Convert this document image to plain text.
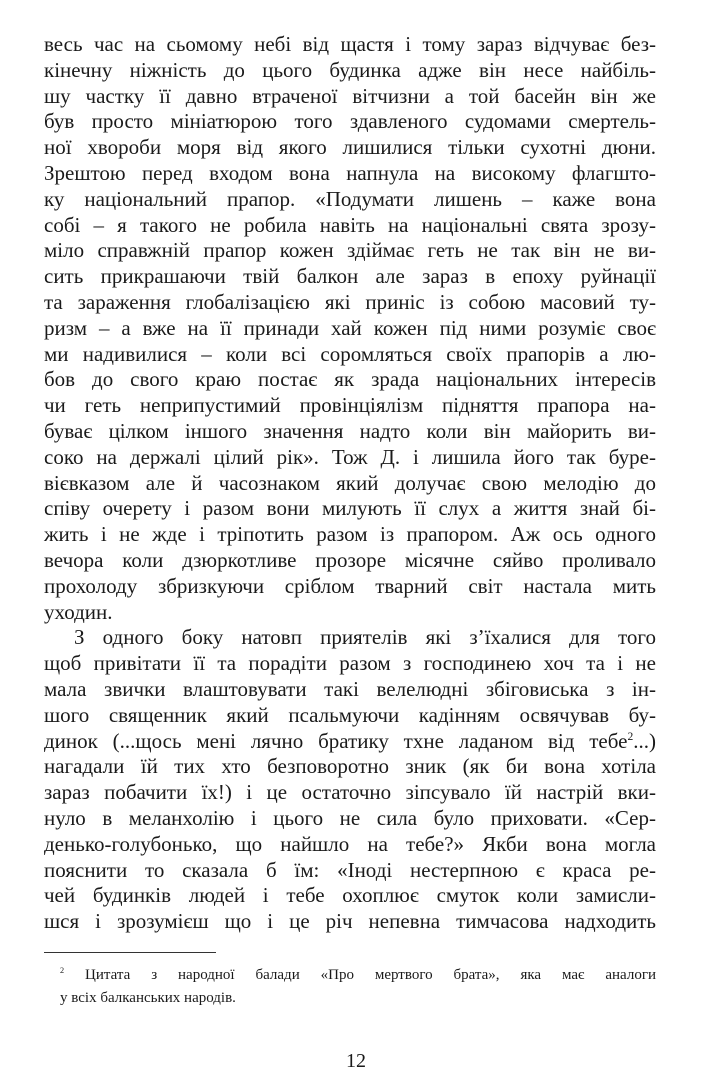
весь час на сьомому небі від щастя і тому зараз відчуває без-
кінечну ніжність до цього будинка адже він несе найбіль-
шу частку її давно втраченої вітчизни а той басейн він же
був просто мініатюрою того здавленого судомами смертель-
ної хвороби моря від якого лишилися тільки сухотні дюни.
Зрештою перед входом вона напнула на високому флагшто-
ку національний прапор. «Подумати лишень – каже вона
собі – я такого не робила навіть на національні свята зрозу-
міло справжній прапор кожен здіймає геть не так він не ви-
сить прикрашаючи твій балкон але зараз в епоху руйнації
та зараження глобалізацією які приніс із собою масовий ту-
ризм – а вже на її принади хай кожен під ними розуміє своє
ми надивилися – коли всі соромляться своїх прапорів а лю-
бов до свого краю постає як зрада національних інтересів
чи геть неприпустимий провінціялізм підняття прапора на-
буває цілком іншого значення надто коли він майорить ви-
соко на держалі цілий рік». Тож Д. і лишила його так буре-
вієвказом але й часознаком який долучає свою мелодію до
співу очерету і разом вони милують її слух а життя знай бі-
жить і не жде і тріпотить разом із прапором. Аж ось одного
вечора коли дзюркотливе прозоре місячне сяйво проливало
прохолоду збризкуючи сріблом тварний світ настала мить
уходин.
З одного боку натовп приятелів які з’їхалися для того
щоб привітати її та порадіти разом з господинею хоч та і не
мала звички влаштовувати такі велелюдні збіговиська з ін-
шого священник який псальмуючи кадінням освячував бу-
динок (...щось мені лячно братику тхне ладаном від тебе$^2$...)
нагадали їй тих хто безповоротно зник (як би вона хотіла
зараз побачити їх!) і це остаточно зіпсувало їй настрій вки-
нуло в меланхолію і цього не сила було приховати. «Сер-
денько-голубонько, що найшло на тебе?» Якби вона могла
пояснити то сказала б їм: «Іноді нестерпною є краса ре-
чей будинків людей і тебе охоплює смуток коли замисли-
шся і зрозумієш що і це річ непевна тимчасова надходить
$^2$ Цитата з народної балади «Про мертвого брата», яка має аналоги
у всіх балканських народів.
12
